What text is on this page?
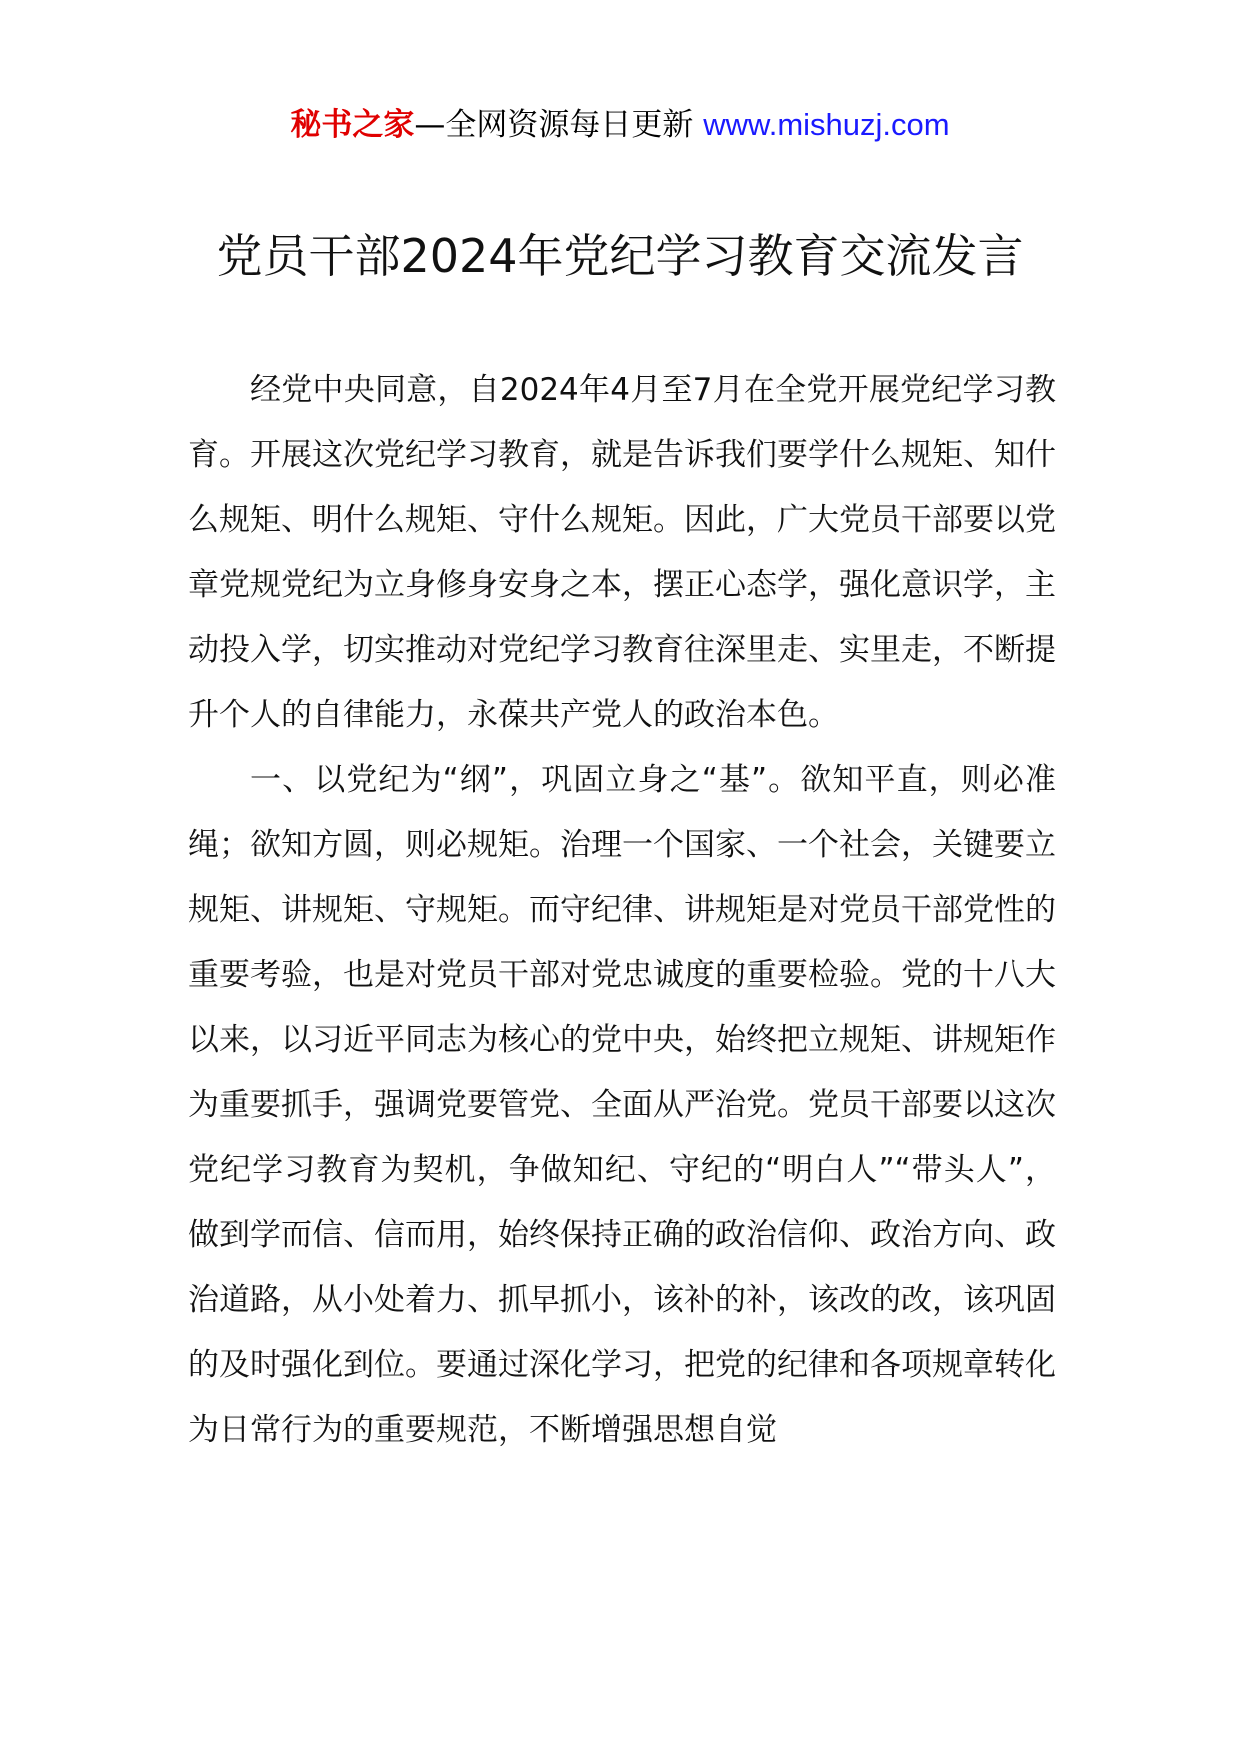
秘书之家—全网资源每日更新 www.mishuzj.com
党员干部2024年党纪学习教育交流发言

经党中央同意，自2024年4月至7月在全党开展党纪学习教育。开展这次党纪学习教育，就是告诉我们要学什么规矩、知什么规矩、明什么规矩、守什么规矩。因此，广大党员干部要以党章党规党纪为立身修身安身之本，摆正心态学，强化意识学，主动投入学，切实推动对党纪学习教育往深里走、实里走，不断提升个人的自律能力，永葆共产党人的政治本色。

一、以党纪为“纲”，巩固立身之“基”。欲知平直，则必准绳；欲知方圆，则必规矩。治理一个国家、一个社会，关键要立规矩、讲规矩、守规矩。而守纪律、讲规矩是对党员干部党性的重要考验，也是对党员干部对党忠诚度的重要检验。党的十八大以来，以习近平同志为核心的党中央，始终把立规矩、讲规矩作为重要抓手，强调党要管党、全面从严治党。党员干部要以这次党纪学习教育为契机，争做知纪、守纪的“明白人”“带头人”，做到学而信、信而用，始终保持正确的政治信仰、政治方向、政治道路，从小处着力、抓早抓小，该补的补，该改的改，该巩固的及时强化到位。要通过深化学习，把党的纪律和各项规章转化为日常行为的重要规范，不断增强思想自觉
